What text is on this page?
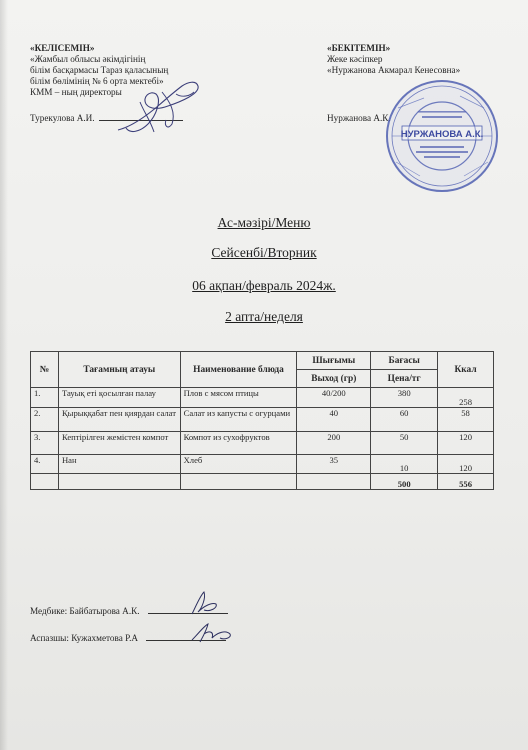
«КЕЛІСЕМІН»
«Жамбыл облысы әкімдігінің
білім басқармасы Тараз қаласының
білім бөлімінің № 6 орта мектебі»
КММ – ның директоры
Турекулова А.И.
«БЕКІТЕМІН»
Жеке кәсіпкер
«Нуржанова Акмарал Кенесовна»
Нуржанова А.К.
НУРЖАНОВА А.К.
Ас-мәзірі/Меню
Сейсенбі/Вторник
06 ақпан/февраль 2024ж.
2 апта/неделя
№	Тағамның атауы	Наименование блюда	Шығымы	Бағасы	Ккал
			Выход (гр)	Цена/тг	
1.	Тауық еті қосылған палау	Плов с мясом птицы	40/200	380	258
2.	Қырыққабат пен қиярдан салат	Салат из капусты с огурцами	40	60	58
3.	Кептірілген жемістен компот	Компот из сухофруктов	200	50	120
4.	Нан	Хлеб	35	10	120
				500	556
Медбике: Байбатырова А.К.
Аспазшы: Кужахметова Р.А
